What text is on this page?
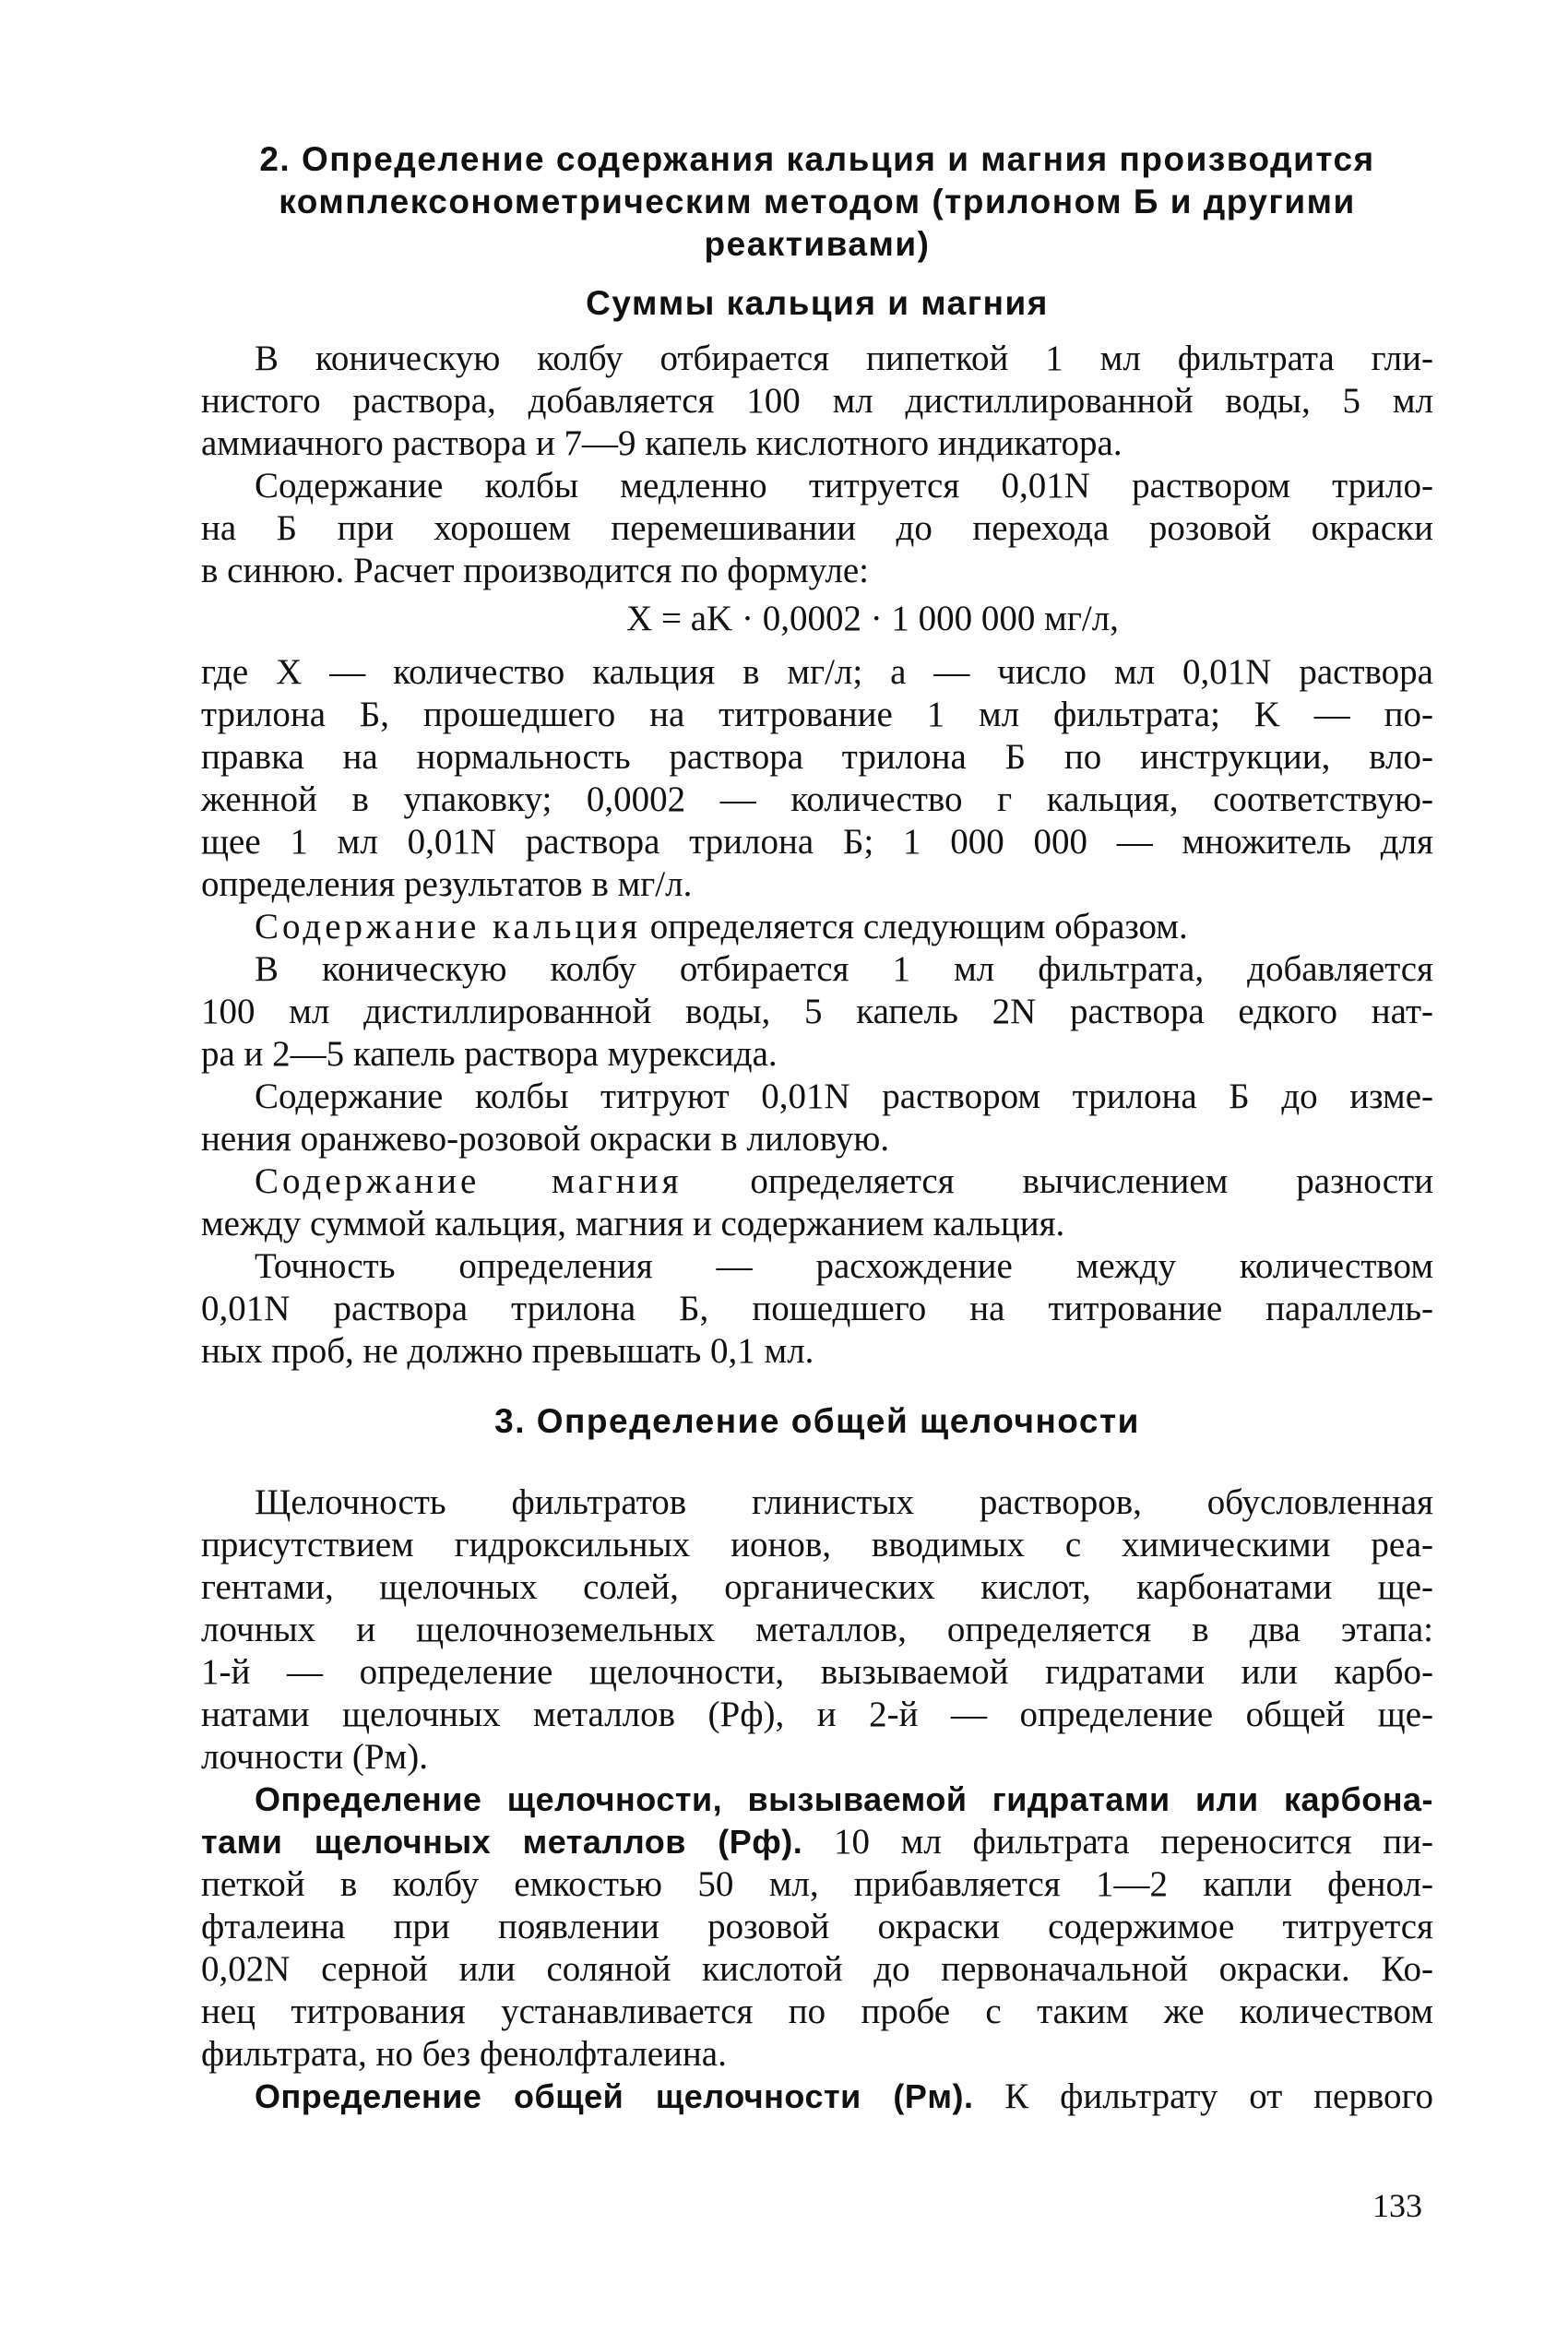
2. Определение содержания кальция и магния производится
комплексонометрическим методом (трилоном Б и другими
реактивами)
Суммы кальция и магния
В коническую колбу отбирается пипеткой 1 мл фильтрата гли-
нистого раствора, добавляется 100 мл дистиллированной воды, 5 мл
аммиачного раствора и 7—9 капель кислотного индикатора.
Содержание колбы медленно титруется 0,01N раствором трило-
на Б при хорошем перемешивании до перехода розовой окраски
в синюю. Расчет производится по формуле:
X = aK · 0,0002 · 1 000 000 мг/л,
где X — количество кальция в мг/л; a — число мл 0,01N раствора
трилона Б, прошедшего на титрование 1 мл фильтрата; K — по-
правка на нормальность раствора трилона Б по инструкции, вло-
женной в упаковку; 0,0002 — количество г кальция, соответствую-
щее 1 мл 0,01N раствора трилона Б; 1 000 000 — множитель для
определения результатов в мг/л.
Содержание кальция определяется следующим образом.
В коническую колбу отбирается 1 мл фильтрата, добавляется
100 мл дистиллированной воды, 5 капель 2N раствора едкого нат-
ра и 2—5 капель раствора мурексида.
Содержание колбы титруют 0,01N раствором трилона Б до изме-
нения оранжево-розовой окраски в лиловую.
Содержание магния определяется вычислением разности
между суммой кальция, магния и содержанием кальция.
Точность определения — расхождение между количеством
0,01N раствора трилона Б, пошедшего на титрование параллель-
ных проб, не должно превышать 0,1 мл.
3. Определение общей щелочности
Щелочность фильтратов глинистых растворов, обусловленная
присутствием гидроксильных ионов, вводимых с химическими реа-
гентами, щелочных солей, органических кислот, карбонатами ще-
лочных и щелочноземельных металлов, определяется в два этапа:
1-й — определение щелочности, вызываемой гидратами или карбо-
натами щелочных металлов (Рф), и 2-й — определение общей ще-
лочности (Рм).
Определение щелочности, вызываемой гидратами или карбона-
тами щелочных металлов (Рф). 10 мл фильтрата переносится пи-
петкой в колбу емкостью 50 мл, прибавляется 1—2 капли фенол-
фталеина при появлении розовой окраски содержимое титруется
0,02N серной или соляной кислотой до первоначальной окраски. Ко-
нец титрования устанавливается по пробе с таким же количеством
фильтрата, но без фенолфталеина.
Определение общей щелочности (Рм). К фильтрату от первого
133
